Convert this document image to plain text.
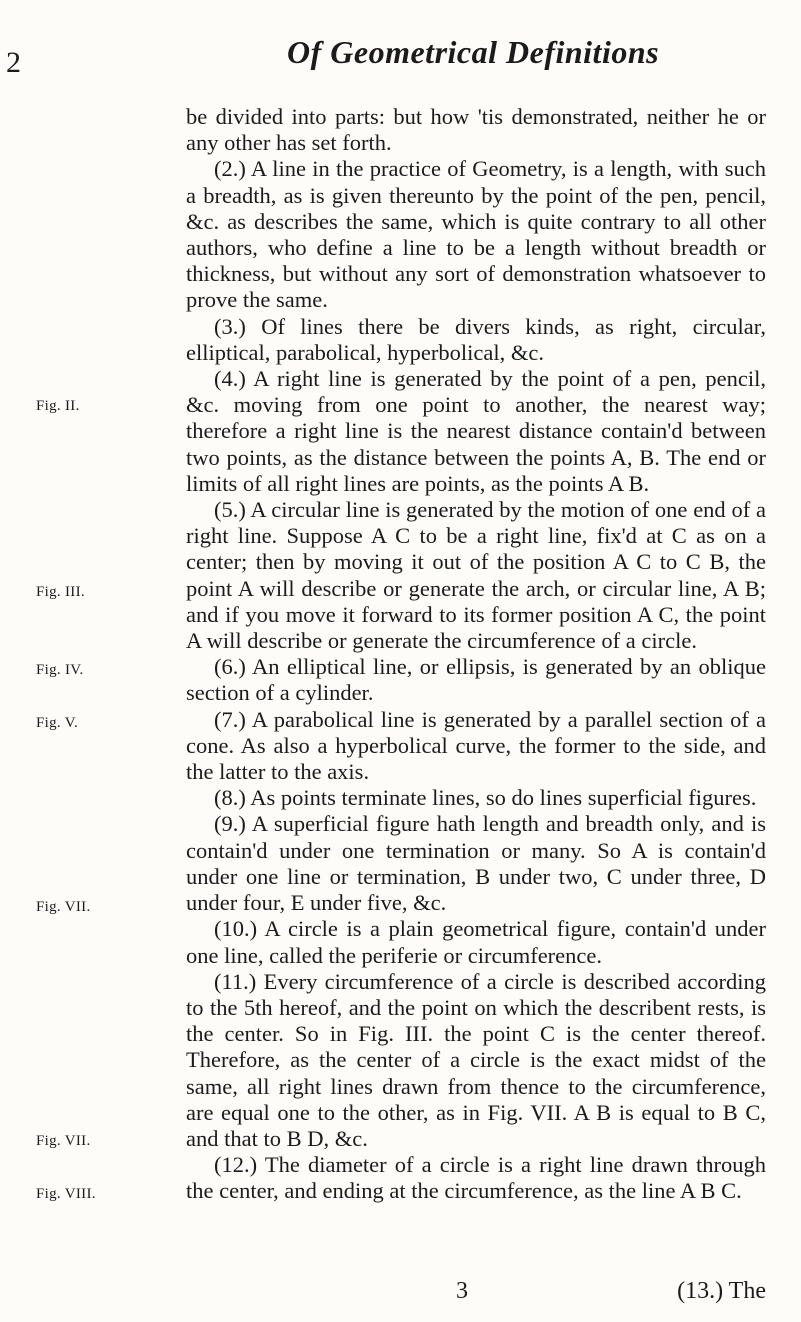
2	Of Geometrical Definitions

be divided into parts: but how 'tis demonstrated, neither he or any other has set forth.

(2.) A line in the practice of Geometry, is a length, with such a breadth, as is given thereunto by the point of the pen, pencil, &c. as describes the same, which is quite contrary to all other authors, who define a line to be a length without breadth or thickness, but without any sort of demonstration whatsoever to prove the same.

(3.) Of lines there be divers kinds, as right, circular, elliptical, parabolical, hyperbolical, &c.

(4.) A right line is generated by the point of a pen, pencil, &c. moving from one point to another, the nearest way; therefore a right line is the nearest distance contain'd between two points, as the distance between the points A, B. The end or limits of all right lines are points, as the points A B.

(5.) A circular line is generated by the motion of one end of a right line. Suppose A C to be a right line, fix'd at C as on a center; then by moving it out of the position A C to C B, the point A will describe or generate the arch, or circular line, A B; and if you move it forward to its former position A C, the point A will describe or generate the circumference of a circle.

(6.) An elliptical line, or ellipsis, is generated by an oblique section of a cylinder.

(7.) A parabolical line is generated by a parallel section of a cone. As also a hyperbolical curve, the former to the side, and the latter to the axis.

(8.) As points terminate lines, so do lines superficial figures.

(9.) A superficial figure hath length and breadth only, and is contain'd under one termination or many. So A is contain'd under one line or termination, B under two, C under three, D under four, E under five, &c.

(10.) A circle is a plain geometrical figure, contain'd under one line, called the periferie or circumference.

(11.) Every circumference of a circle is described according to the 5th hereof, and the point on which the describent rests, is the center. So in Fig. III. the point C is the center thereof. Therefore, as the center of a circle is the exact midst of the same, all right lines drawn from thence to the circumference, are equal one to the other, as in Fig. VII. A B is equal to B C, and that to B D, &c.

(12.) The diameter of a circle is a right line drawn through the center, and ending at the circumference, as the line A B C.

Fig. II.
Fig. III.
Fig. IV.
Fig. V.
Fig. VII.
Fig. VII.
Fig. VIII.
3	(13.) The
